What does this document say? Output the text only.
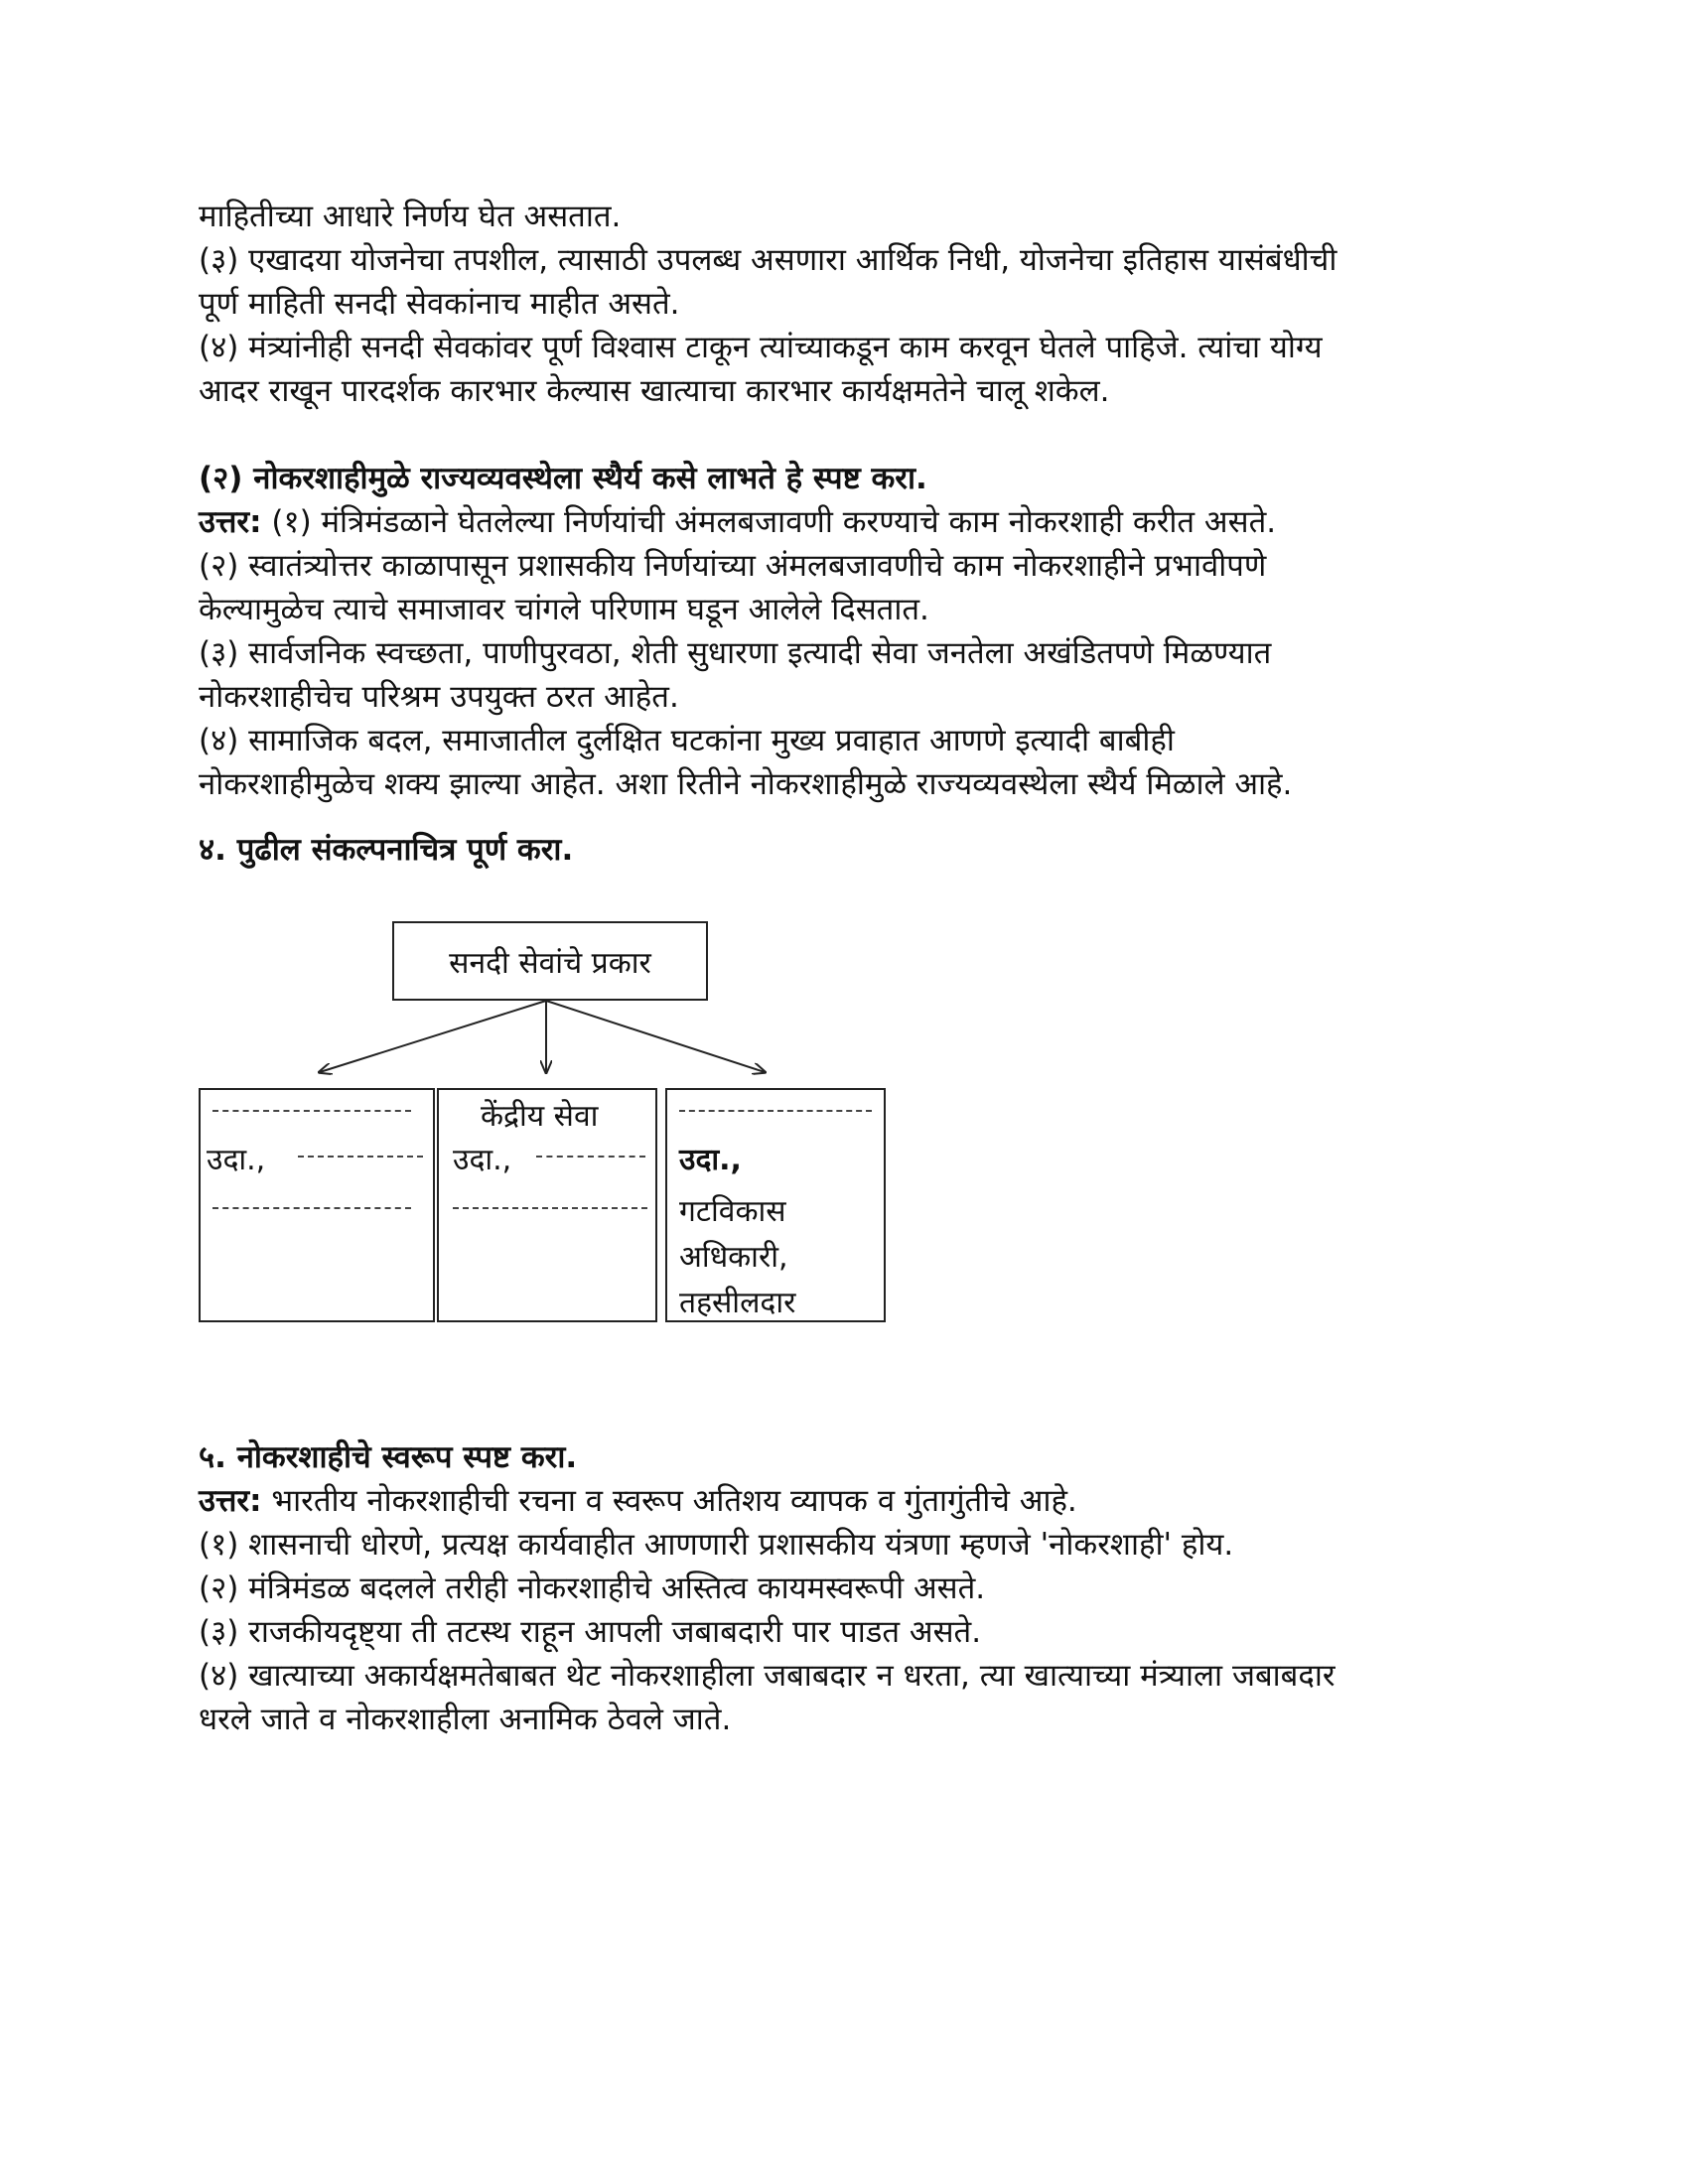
माहितीच्या आधारे निर्णय घेत असतात.

(३) एखादया योजनेचा तपशील, त्यासाठी उपलब्ध असणारा आर्थिक निधी, योजनेचा इतिहास यासंबंधीची

पूर्ण माहिती सनदी सेवकांनाच माहीत असते.

(४) मंत्र्यांनीही सनदी सेवकांवर पूर्ण विश्वास टाकून त्यांच्याकडून काम करवून घेतले पाहिजे. त्यांचा योग्य

आदर राखून पारदर्शक कारभार केल्यास खात्याचा कारभार कार्यक्षमतेने चालू शकेल.

(२) नोकरशाहीमुळे राज्यव्यवस्थेला स्थैर्य कसे लाभते हे स्पष्ट करा.

उत्तर: (१) मंत्रिमंडळाने घेतलेल्या निर्णयांची अंमलबजावणी करण्याचे काम नोकरशाही करीत असते.

(२) स्वातंत्र्योत्तर काळापासून प्रशासकीय निर्णयांच्या अंमलबजावणीचे काम नोकरशाहीने प्रभावीपणे

केल्यामुळेच त्याचे समाजावर चांगले परिणाम घडून आलेले दिसतात.

(३) सार्वजनिक स्वच्छता, पाणीपुरवठा, शेती सुधारणा इत्यादी सेवा जनतेला अखंडितपणे मिळण्यात

नोकरशाहीचेच परिश्रम उपयुक्त ठरत आहेत.

(४) सामाजिक बदल, समाजातील दुर्लक्षित घटकांना मुख्य प्रवाहात आणणे इत्यादी बाबीही

नोकरशाहीमुळेच शक्य झाल्या आहेत. अशा रितीने नोकरशाहीमुळे राज्यव्यवस्थेला स्थैर्य मिळाले आहे.

४. पुढील संकल्पनाचित्र पूर्ण करा.

सनदी सेवांचे प्रकार
उदा.,
केंद्रीय सेवा
उदा.,	उदा.,
गटविकास
अधिकारी,
तहसीलदार

५. नोकरशाहीचे स्वरूप स्पष्ट करा.

उत्तर: भारतीय नोकरशाहीची रचना व स्वरूप अतिशय व्यापक व गुंतागुंतीचे आहे.

(१) शासनाची धोरणे, प्रत्यक्ष कार्यवाहीत आणणारी प्रशासकीय यंत्रणा म्हणजे 'नोकरशाही' होय.

(२) मंत्रिमंडळ बदलले तरीही नोकरशाहीचे अस्तित्व कायमस्वरूपी असते.

(३) राजकीयदृष्ट्या ती तटस्थ राहून आपली जबाबदारी पार पाडत असते.

(४) खात्याच्या अकार्यक्षमतेबाबत थेट नोकरशाहीला जबाबदार न धरता, त्या खात्याच्या मंत्र्याला जबाबदार

धरले जाते व नोकरशाहीला अनामिक ठेवले जाते.
